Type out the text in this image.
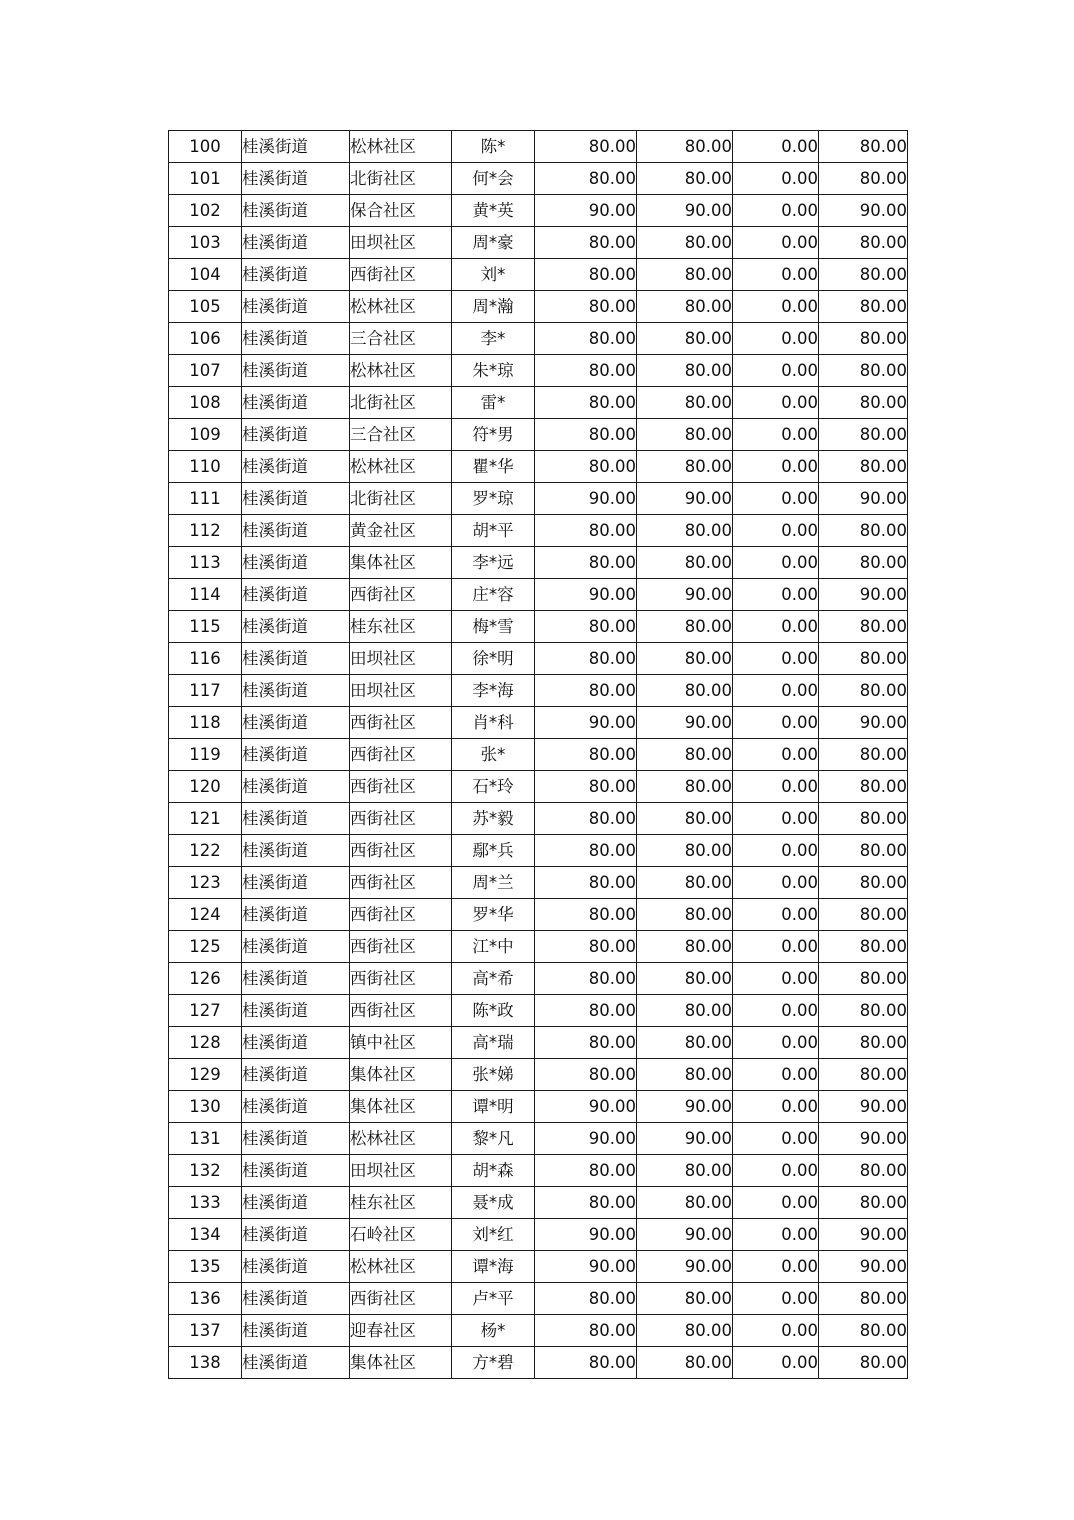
100	桂溪街道	松林社区	陈*	80.00	80.00	0.00	80.00
101	桂溪街道	北街社区	何*会	80.00	80.00	0.00	80.00
102	桂溪街道	保合社区	黄*英	90.00	90.00	0.00	90.00
103	桂溪街道	田坝社区	周*豪	80.00	80.00	0.00	80.00
104	桂溪街道	西街社区	刘*	80.00	80.00	0.00	80.00
105	桂溪街道	松林社区	周*瀚	80.00	80.00	0.00	80.00
106	桂溪街道	三合社区	李*	80.00	80.00	0.00	80.00
107	桂溪街道	松林社区	朱*琼	80.00	80.00	0.00	80.00
108	桂溪街道	北街社区	雷*	80.00	80.00	0.00	80.00
109	桂溪街道	三合社区	符*男	80.00	80.00	0.00	80.00
110	桂溪街道	松林社区	瞿*华	80.00	80.00	0.00	80.00
111	桂溪街道	北街社区	罗*琼	90.00	90.00	0.00	90.00
112	桂溪街道	黄金社区	胡*平	80.00	80.00	0.00	80.00
113	桂溪街道	集体社区	李*远	80.00	80.00	0.00	80.00
114	桂溪街道	西街社区	庄*容	90.00	90.00	0.00	90.00
115	桂溪街道	桂东社区	梅*雪	80.00	80.00	0.00	80.00
116	桂溪街道	田坝社区	徐*明	80.00	80.00	0.00	80.00
117	桂溪街道	田坝社区	李*海	80.00	80.00	0.00	80.00
118	桂溪街道	西街社区	肖*科	90.00	90.00	0.00	90.00
119	桂溪街道	西街社区	张*	80.00	80.00	0.00	80.00
120	桂溪街道	西街社区	石*玲	80.00	80.00	0.00	80.00
121	桂溪街道	西街社区	苏*毅	80.00	80.00	0.00	80.00
122	桂溪街道	西街社区	鄢*兵	80.00	80.00	0.00	80.00
123	桂溪街道	西街社区	周*兰	80.00	80.00	0.00	80.00
124	桂溪街道	西街社区	罗*华	80.00	80.00	0.00	80.00
125	桂溪街道	西街社区	江*中	80.00	80.00	0.00	80.00
126	桂溪街道	西街社区	高*希	80.00	80.00	0.00	80.00
127	桂溪街道	西街社区	陈*政	80.00	80.00	0.00	80.00
128	桂溪街道	镇中社区	高*瑞	80.00	80.00	0.00	80.00
129	桂溪街道	集体社区	张*娣	80.00	80.00	0.00	80.00
130	桂溪街道	集体社区	谭*明	90.00	90.00	0.00	90.00
131	桂溪街道	松林社区	黎*凡	90.00	90.00	0.00	90.00
132	桂溪街道	田坝社区	胡*森	80.00	80.00	0.00	80.00
133	桂溪街道	桂东社区	聂*成	80.00	80.00	0.00	80.00
134	桂溪街道	石岭社区	刘*红	90.00	90.00	0.00	90.00
135	桂溪街道	松林社区	谭*海	90.00	90.00	0.00	90.00
136	桂溪街道	西街社区	卢*平	80.00	80.00	0.00	80.00
137	桂溪街道	迎春社区	杨*	80.00	80.00	0.00	80.00
138	桂溪街道	集体社区	方*碧	80.00	80.00	0.00	80.00
